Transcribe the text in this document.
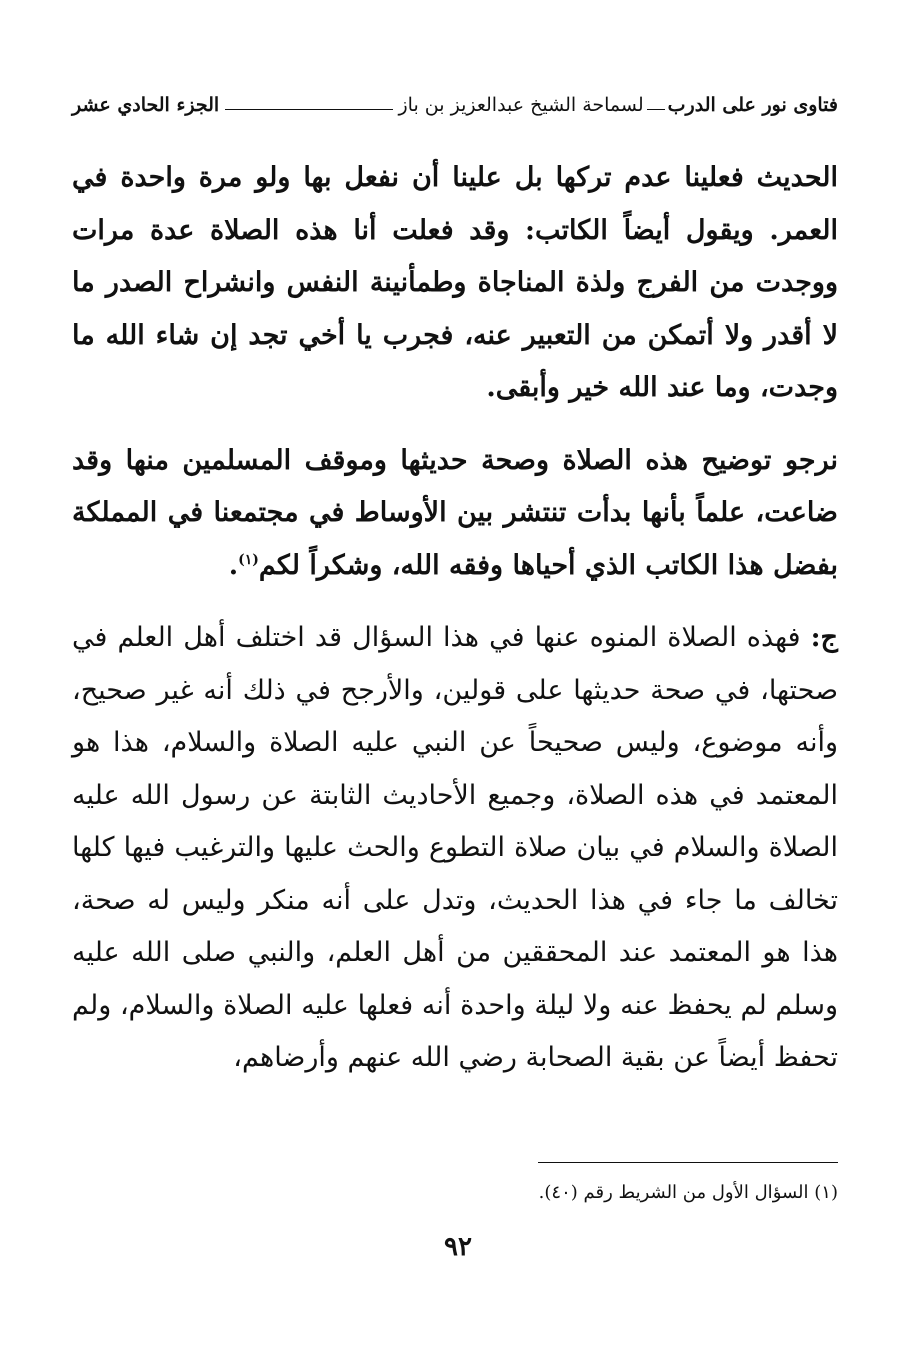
فتاوى نور على الدرب
لسماحة الشيخ عبدالعزيز بن باز
الجزء الحادي عشر

الحديث فعلينا عدم تركها بل علينا أن نفعل بها ولو مرة واحدة في العمر. ويقول أيضاً الكاتب: وقد فعلت أنا هذه الصلاة عدة مرات ووجدت من الفرج ولذة المناجاة وطمأنينة النفس وانشراح الصدر ما لا أقدر ولا أتمكن من التعبير عنه، فجرب يا أخي تجد إن شاء الله ما وجدت، وما عند الله خير وأبقى.

نرجو توضيح هذه الصلاة وصحة حديثها وموقف المسلمين منها وقد ضاعت، علماً بأنها بدأت تنتشر بين الأوساط في مجتمعنا في المملكة بفضل هذا الكاتب الذي أحياها وفقه الله، وشكراً لكم$^{(١)}$.

ج: فهذه الصلاة المنوه عنها في هذا السؤال قد اختلف أهل العلم في صحتها، في صحة حديثها على قولين، والأرجح في ذلك أنه غير صحيح، وأنه موضوع، وليس صحيحاً عن النبي عليه الصلاة والسلام، هذا هو المعتمد في هذه الصلاة، وجميع الأحاديث الثابتة عن رسول الله عليه الصلاة والسلام في بيان صلاة التطوع والحث عليها والترغيب فيها كلها تخالف ما جاء في هذا الحديث، وتدل على أنه منكر وليس له صحة، هذا هو المعتمد عند المحققين من أهل العلم، والنبي صلى الله عليه وسلم لم يحفظ عنه ولا ليلة واحدة أنه فعلها عليه الصلاة والسلام، ولم تحفظ أيضاً عن بقية الصحابة رضي الله عنهم وأرضاهم،

(١) السؤال الأول من الشريط رقم (٤٠).
٩٢
